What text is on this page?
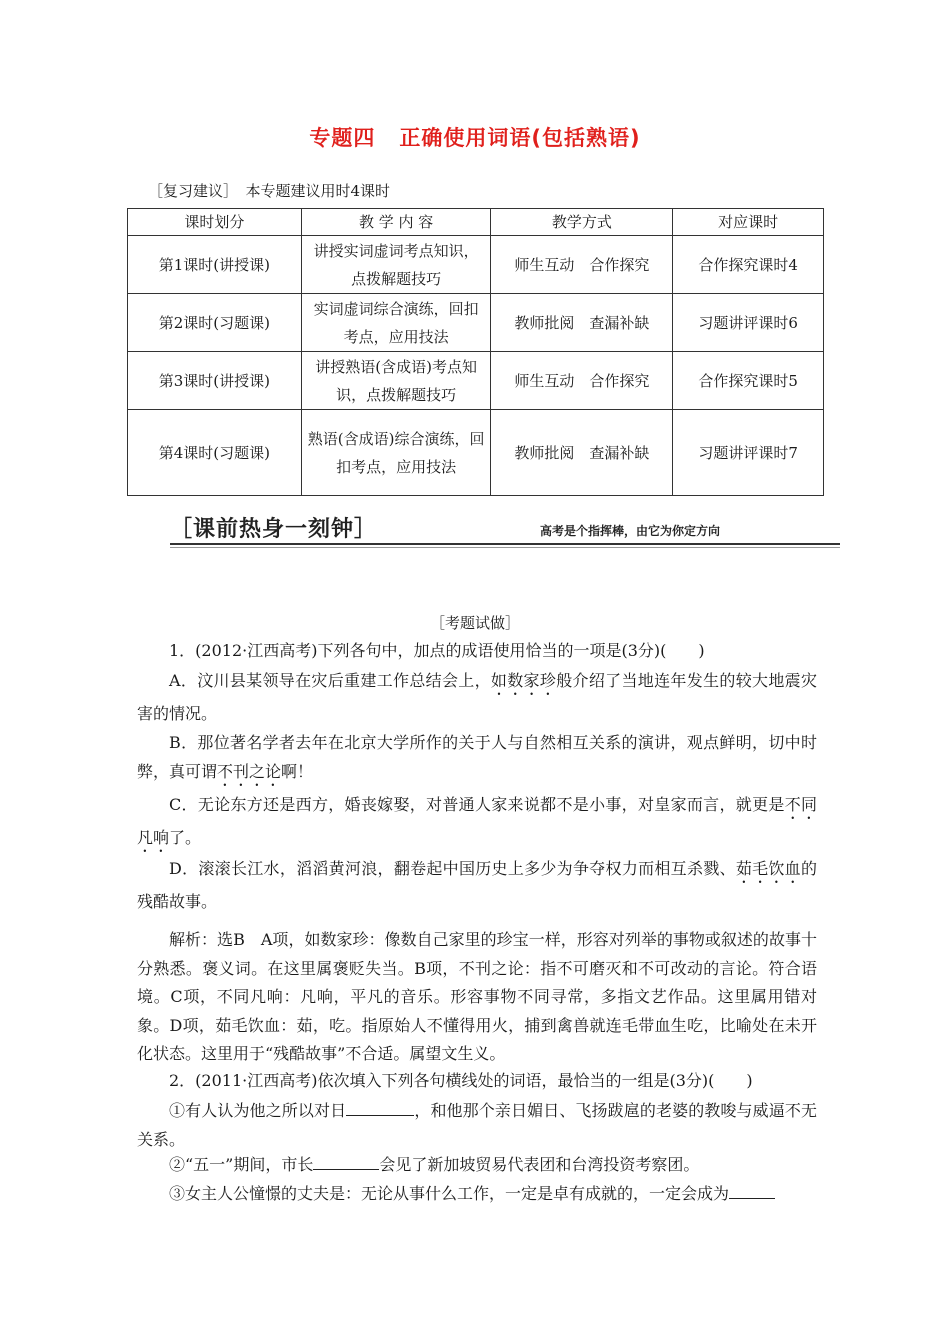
专题四 正确使用词语(包括熟语)
［复习建议］　本专题建议用时4课时
课时划分	教 学 内 容	教学方式	对应课时
第1课时(讲授课)	讲授实词虚词考点知识，点拨解题技巧	师生互动　合作探究	合作探究课时4
第2课时(习题课)	实词虚词综合演练，回扣考点，应用技法	教师批阅　查漏补缺	习题讲评课时6
第3课时(讲授课)	讲授熟语(含成语)考点知识，点拨解题技巧	师生互动　合作探究	合作探究课时5
第4课时(习题课)	熟语(含成语)综合演练，回扣考点，应用技法	教师批阅　查漏补缺	习题讲评课时7
［课前热身一刻钟］	高考是个指挥棒，由它为你定方向
［考题试做］
1．(2012·江西高考)下列各句中，加点的成语使用恰当的一项是(3分)(　　)
A．汶川县某领导在灾后重建工作总结会上，如数家珍般介绍了当地连年发生的较大地震灾害的情况。
B．那位著名学者去年在北京大学所作的关于人与自然相互关系的演讲，观点鲜明，切中时弊，真可谓不刊之论啊！
C．无论东方还是西方，婚丧嫁娶，对普通人家来说都不是小事，对皇家而言，就更是不同凡响了。
D．滚滚长江水，滔滔黄河浪，翻卷起中国历史上多少为争夺权力而相互杀戮、茹毛饮血的残酷故事。
解析：选B　A项，如数家珍：像数自己家里的珍宝一样，形容对列举的事物或叙述的故事十分熟悉。褒义词。在这里属褒贬失当。B项，不刊之论：指不可磨灭和不可改动的言论。符合语境。C项，不同凡响：凡响，平凡的音乐。形容事物不同寻常，多指文艺作品。这里属用错对象。D项，茹毛饮血：茹，吃。指原始人不懂得用火，捕到禽兽就连毛带血生吃，比喻处在未开化状态。这里用于“残酷故事”不合适。属望文生义。
2．(2011·江西高考)依次填入下列各句横线处的词语，最恰当的一组是(3分)(　　)
①有人认为他之所以对日	，和他那个亲日媚日、飞扬跋扈的老婆的教唆与威逼不无关系。
②“五一”期间，市长	会见了新加坡贸易代表团和台湾投资考察团。
③女主人公憧憬的丈夫是：无论从事什么工作，一定是卓有成就的，一定会成为
